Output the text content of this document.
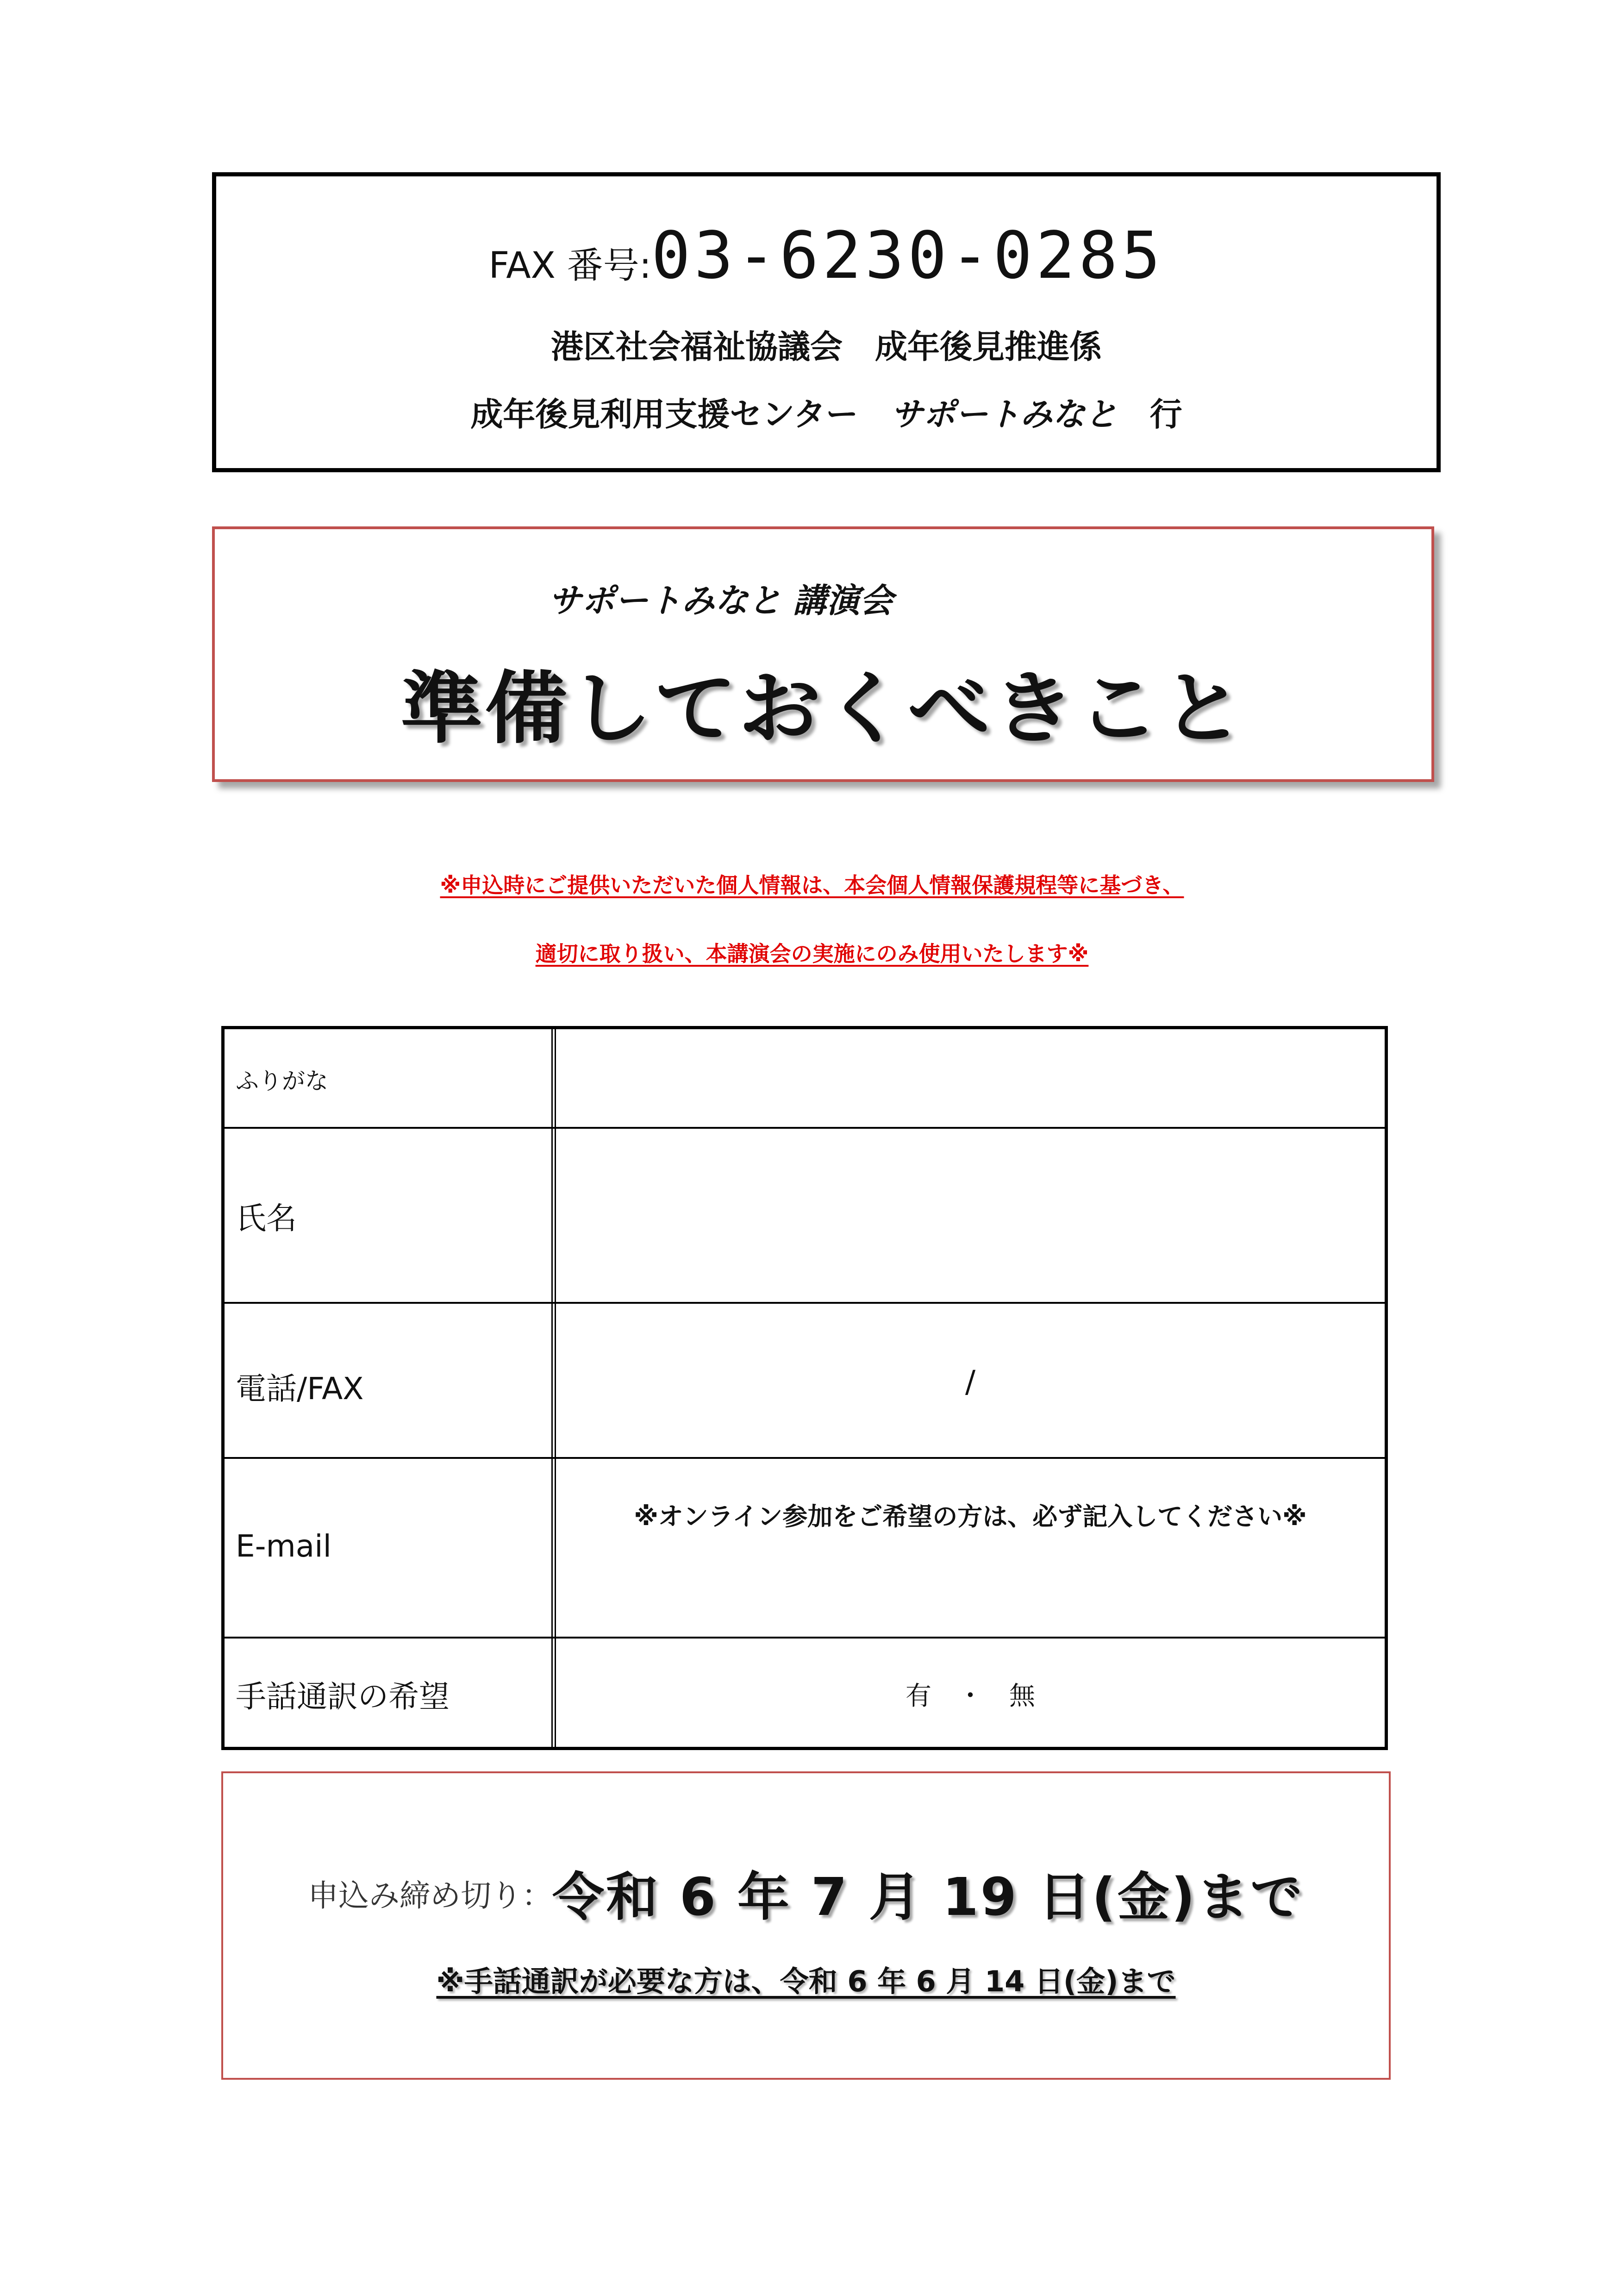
FAX 番号:03-6230-0285
港区社会福祉協議会　成年後見推進係
成年後見利用支援センター　サポートみなと　行
サポートみなと 講演会
準備しておくべきこと
※申込時にご提供いただいた個人情報は、本会個人情報保護規程等に基づき、
適切に取り扱い、本講演会の実施にのみ使用いたします※
ふりがな
氏名
電話/FAX	/
E-mail
※オンライン参加をご希望の方は、必ず記入してください※
手話通訳の希望	有　・　無
申込み締め切り：令和 6 年 7 月 19 日(金)まで
※手話通訳が必要な方は、令和 6 年 6 月 14 日(金)まで
